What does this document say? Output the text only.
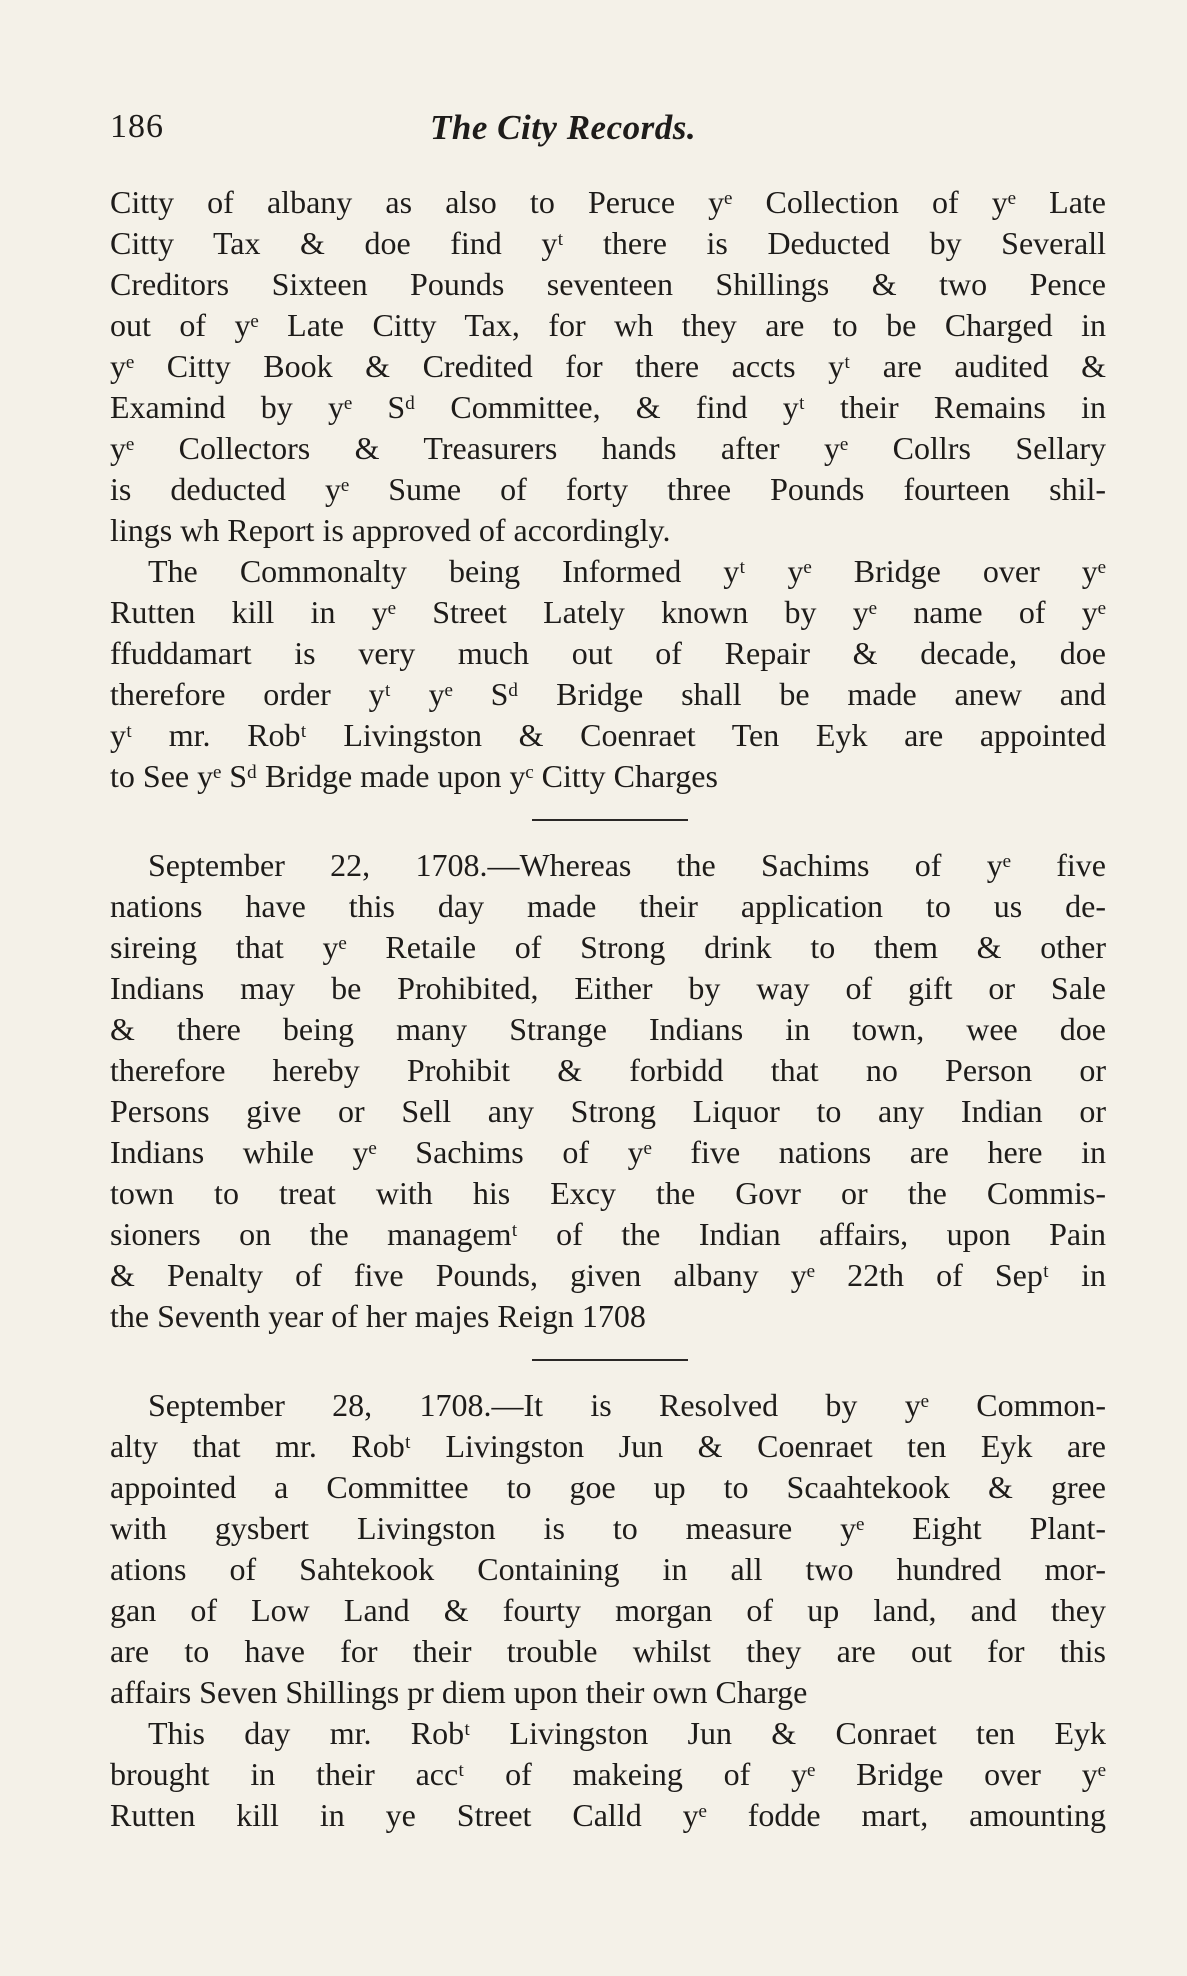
186	The City Records.
Citty of albany as also to Peruce yᵉ Collection of yᵉ Late
Citty Tax & doe find yᵗ there is Deducted by Severall
Creditors Sixteen Pounds seventeen Shillings & two Pence
out of yᵉ Late Citty Tax, for wh they are to be Charged in
yᵉ Citty Book & Credited for there accts yᵗ are audited &
Examind by yᵉ Sᵈ Committee, & find yᵗ their Remains in
yᵉ Collectors & Treasurers hands after yᵉ Collrs Sellary
is deducted yᵉ Sume of forty three Pounds fourteen shil-
lings wh Report is approved of accordingly.
The Commonalty being Informed yᵗ yᵉ Bridge over yᵉ
Rutten kill in yᵉ Street Lately known by yᵉ name of yᵉ
ffuddamart is very much out of Repair & decade, doe
therefore order yᵗ yᵉ Sᵈ Bridge shall be made anew and
yᵗ mr. Robᵗ Livingston & Coenraet Ten Eyk are appointed
to See yᵉ Sᵈ Bridge made upon yᶜ Citty Charges
September 22, 1708.—Whereas the Sachims of yᵉ five
nations have this day made their application to us de-
sireing that yᵉ Retaile of Strong drink to them & other
Indians may be Prohibited, Either by way of gift or Sale
& there being many Strange Indians in town, wee doe
therefore hereby Prohibit & forbidd that no Person or
Persons give or Sell any Strong Liquor to any Indian or
Indians while yᵉ Sachims of yᵉ five nations are here in
town to treat with his Excy the Govr or the Commis-
sioners on the managemᵗ of the Indian affairs, upon Pain
& Penalty of five Pounds, given albany yᵉ 22th of Sepᵗ in
the Seventh year of her majes Reign 1708
September 28, 1708.—It is Resolved by yᵉ Common-
alty that mr. Robᵗ Livingston Jun & Coenraet ten Eyk are
appointed a Committee to goe up to Scaahtekook & gree
with gysbert Livingston is to measure yᵉ Eight Plant-
ations of Sahtekook Containing in all two hundred mor-
gan of Low Land & fourty morgan of up land, and they
are to have for their trouble whilst they are out for this
affairs Seven Shillings pr diem upon their own Charge
This day mr. Robᵗ Livingston Jun & Conraet ten Eyk
brought in their accᵗ of makeing of yᵉ Bridge over yᵉ
Rutten kill in ye Street Calld yᵉ fodde mart, amounting
